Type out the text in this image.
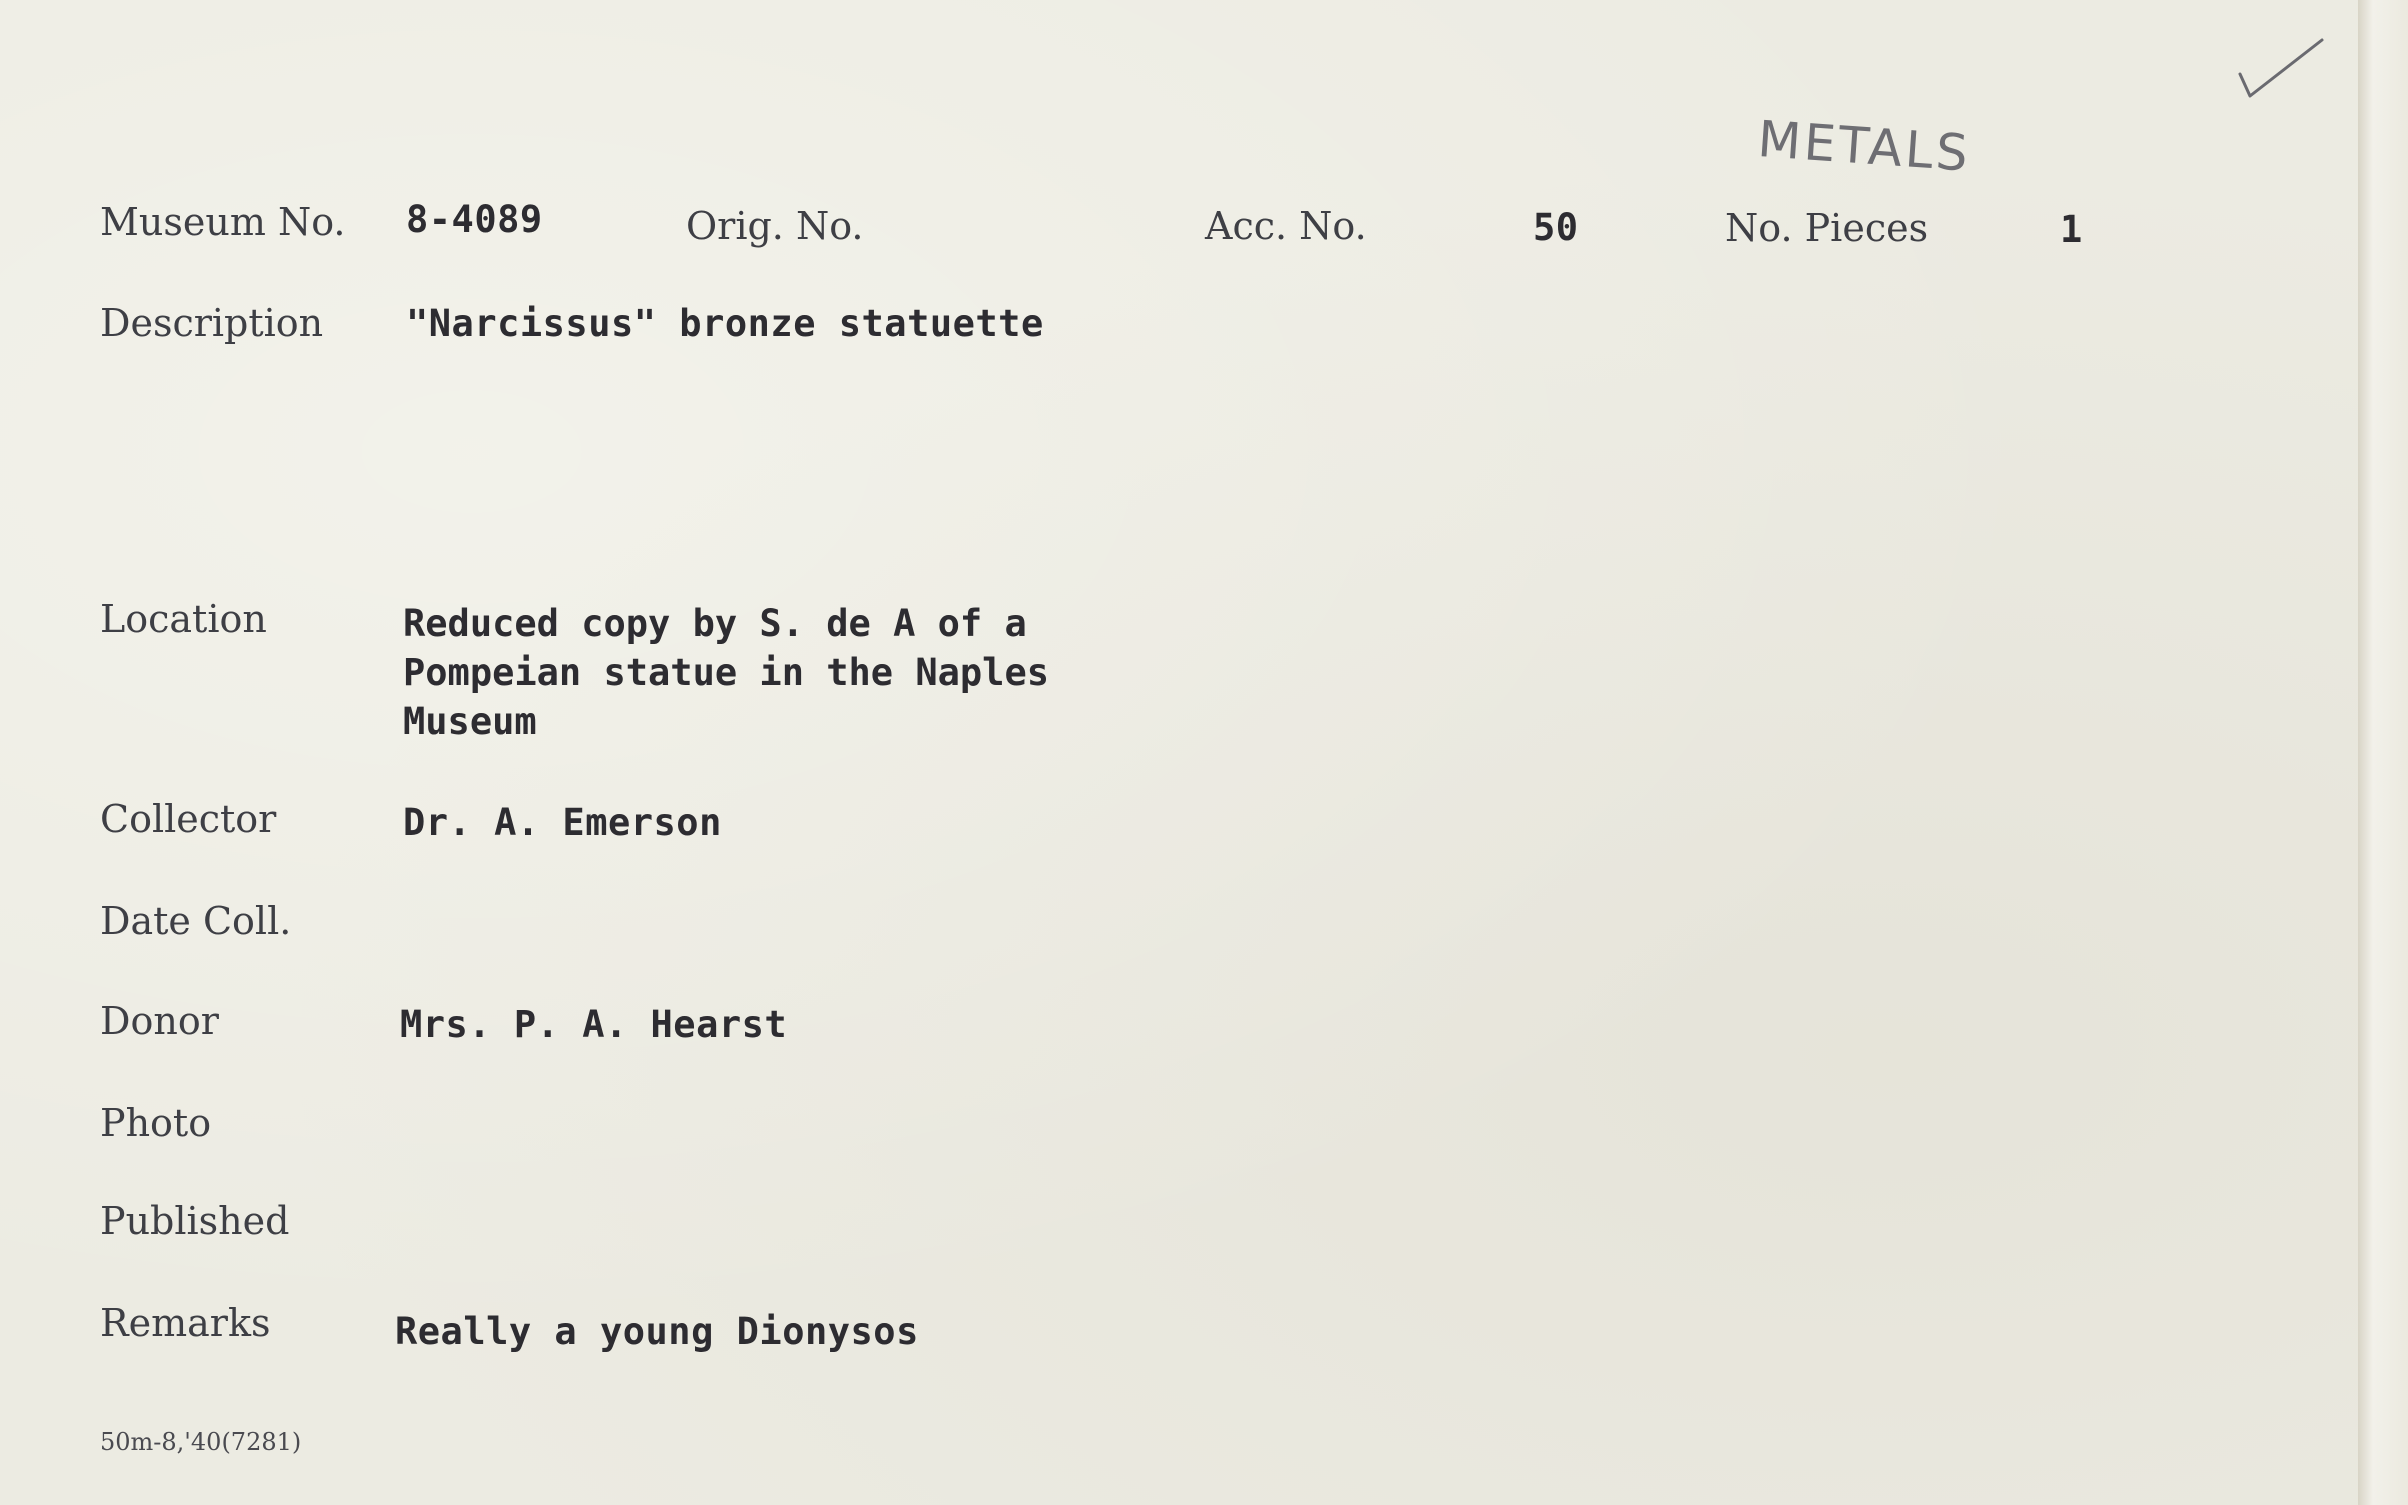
METALS
Museum No. 8-4089	Orig. No.	Acc. No.	50	No. Pieces	1
Description "Narcissus" bronze statuette
Location	Reduced copy by S. de A of a
Pompeian statue in the Naples
Museum
Collector	Dr. A. Emerson
Date Coll.
Donor	Mrs. P. A. Hearst
Photo
Published
Remarks	Really a young Dionysos
50m-8,'40(7281)
